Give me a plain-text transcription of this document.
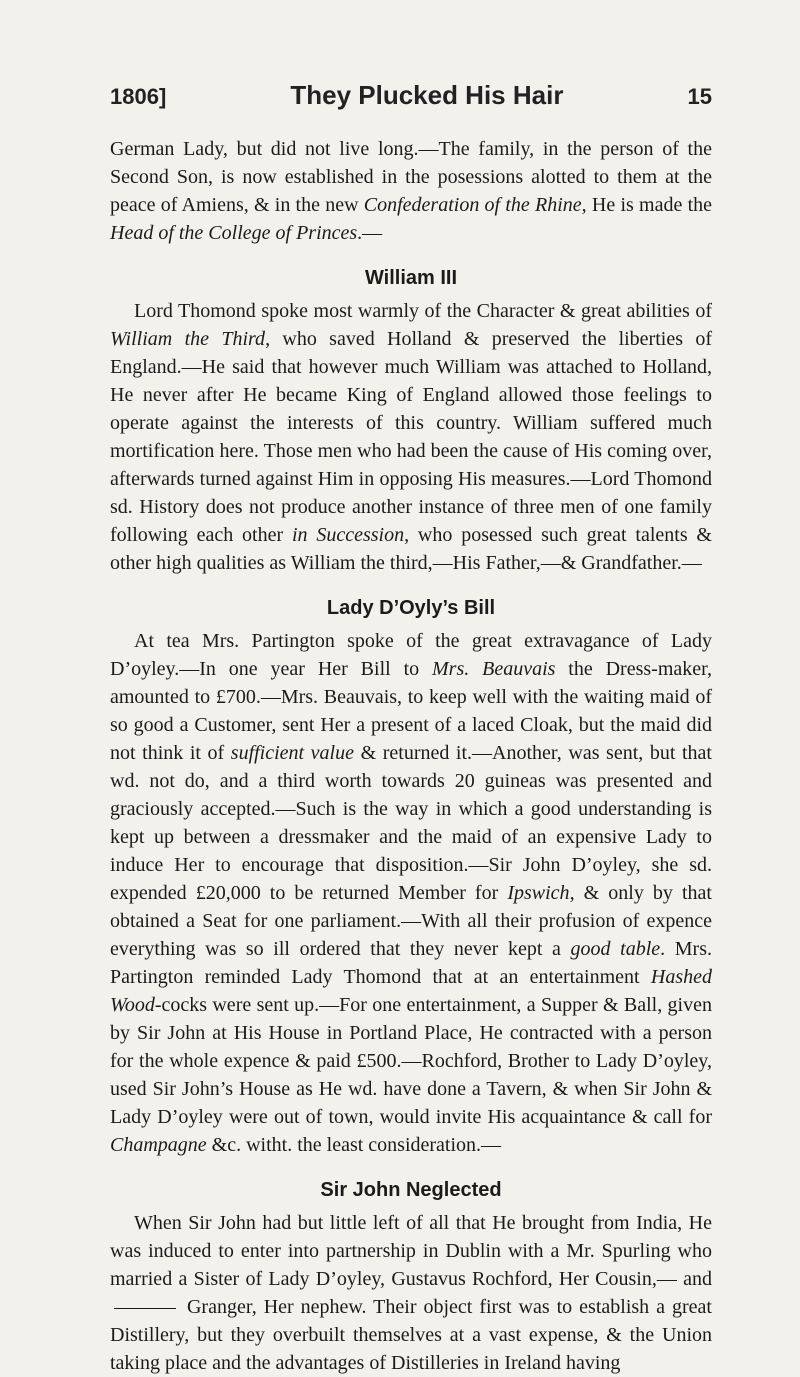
1806]	They Plucked His Hair	15

German Lady, but did not live long.—The family, in the person of the Second Son, is now established in the posessions alotted to them at the peace of Amiens, & in the new Confederation of the Rhine, He is made the Head of the College of Princes.—

William III

Lord Thomond spoke most warmly of the Character & great abilities of William the Third, who saved Holland & preserved the liberties of England.—He said that however much William was attached to Holland, He never after He became King of England allowed those feelings to operate against the interests of this country. William suffered much mortification here. Those men who had been the cause of His coming over, afterwards turned against Him in opposing His measures.—Lord Thomond sd. History does not produce another instance of three men of one family following each other in Succession, who posessed such great talents & other high qualities as William the third,—His Father,—& Grandfather.—

Lady D’Oyly’s Bill

At tea Mrs. Partington spoke of the great extravagance of Lady D’oyley.—In one year Her Bill to Mrs. Beauvais the Dress-maker, amounted to £700.—Mrs. Beauvais, to keep well with the waiting maid of so good a Customer, sent Her a present of a laced Cloak, but the maid did not think it of sufficient value & returned it.—Another, was sent, but that wd. not do, and a third worth towards 20 guineas was presented and graciously accepted.—Such is the way in which a good understanding is kept up between a dressmaker and the maid of an expensive Lady to induce Her to encourage that disposition.—Sir John D’oyley, she sd. expended £20,000 to be returned Member for Ipswich, & only by that obtained a Seat for one parliament.—With all their profusion of expence everything was so ill ordered that they never kept a good table. Mrs. Partington reminded Lady Thomond that at an entertainment Hashed Wood-cocks were sent up.—For one entertainment, a Supper & Ball, given by Sir John at His House in Portland Place, He contracted with a person for the whole expence & paid £500.—Rochford, Brother to Lady D’oyley, used Sir John’s House as He wd. have done a Tavern, & when Sir John & Lady D’oyley were out of town, would invite His acquaintance & call for Champagne &c. witht. the least consideration.—

Sir John Neglected

When Sir John had but little left of all that He brought from India, He was induced to enter into partnership in Dublin with a Mr. Spurling who married a Sister of Lady D’oyley, Gustavus Rochford, Her Cousin,— and  Granger, Her nephew. Their object first was to establish a great Distillery, but they overbuilt themselves at a vast expense, & the Union taking place and the advantages of Distilleries in Ireland having
